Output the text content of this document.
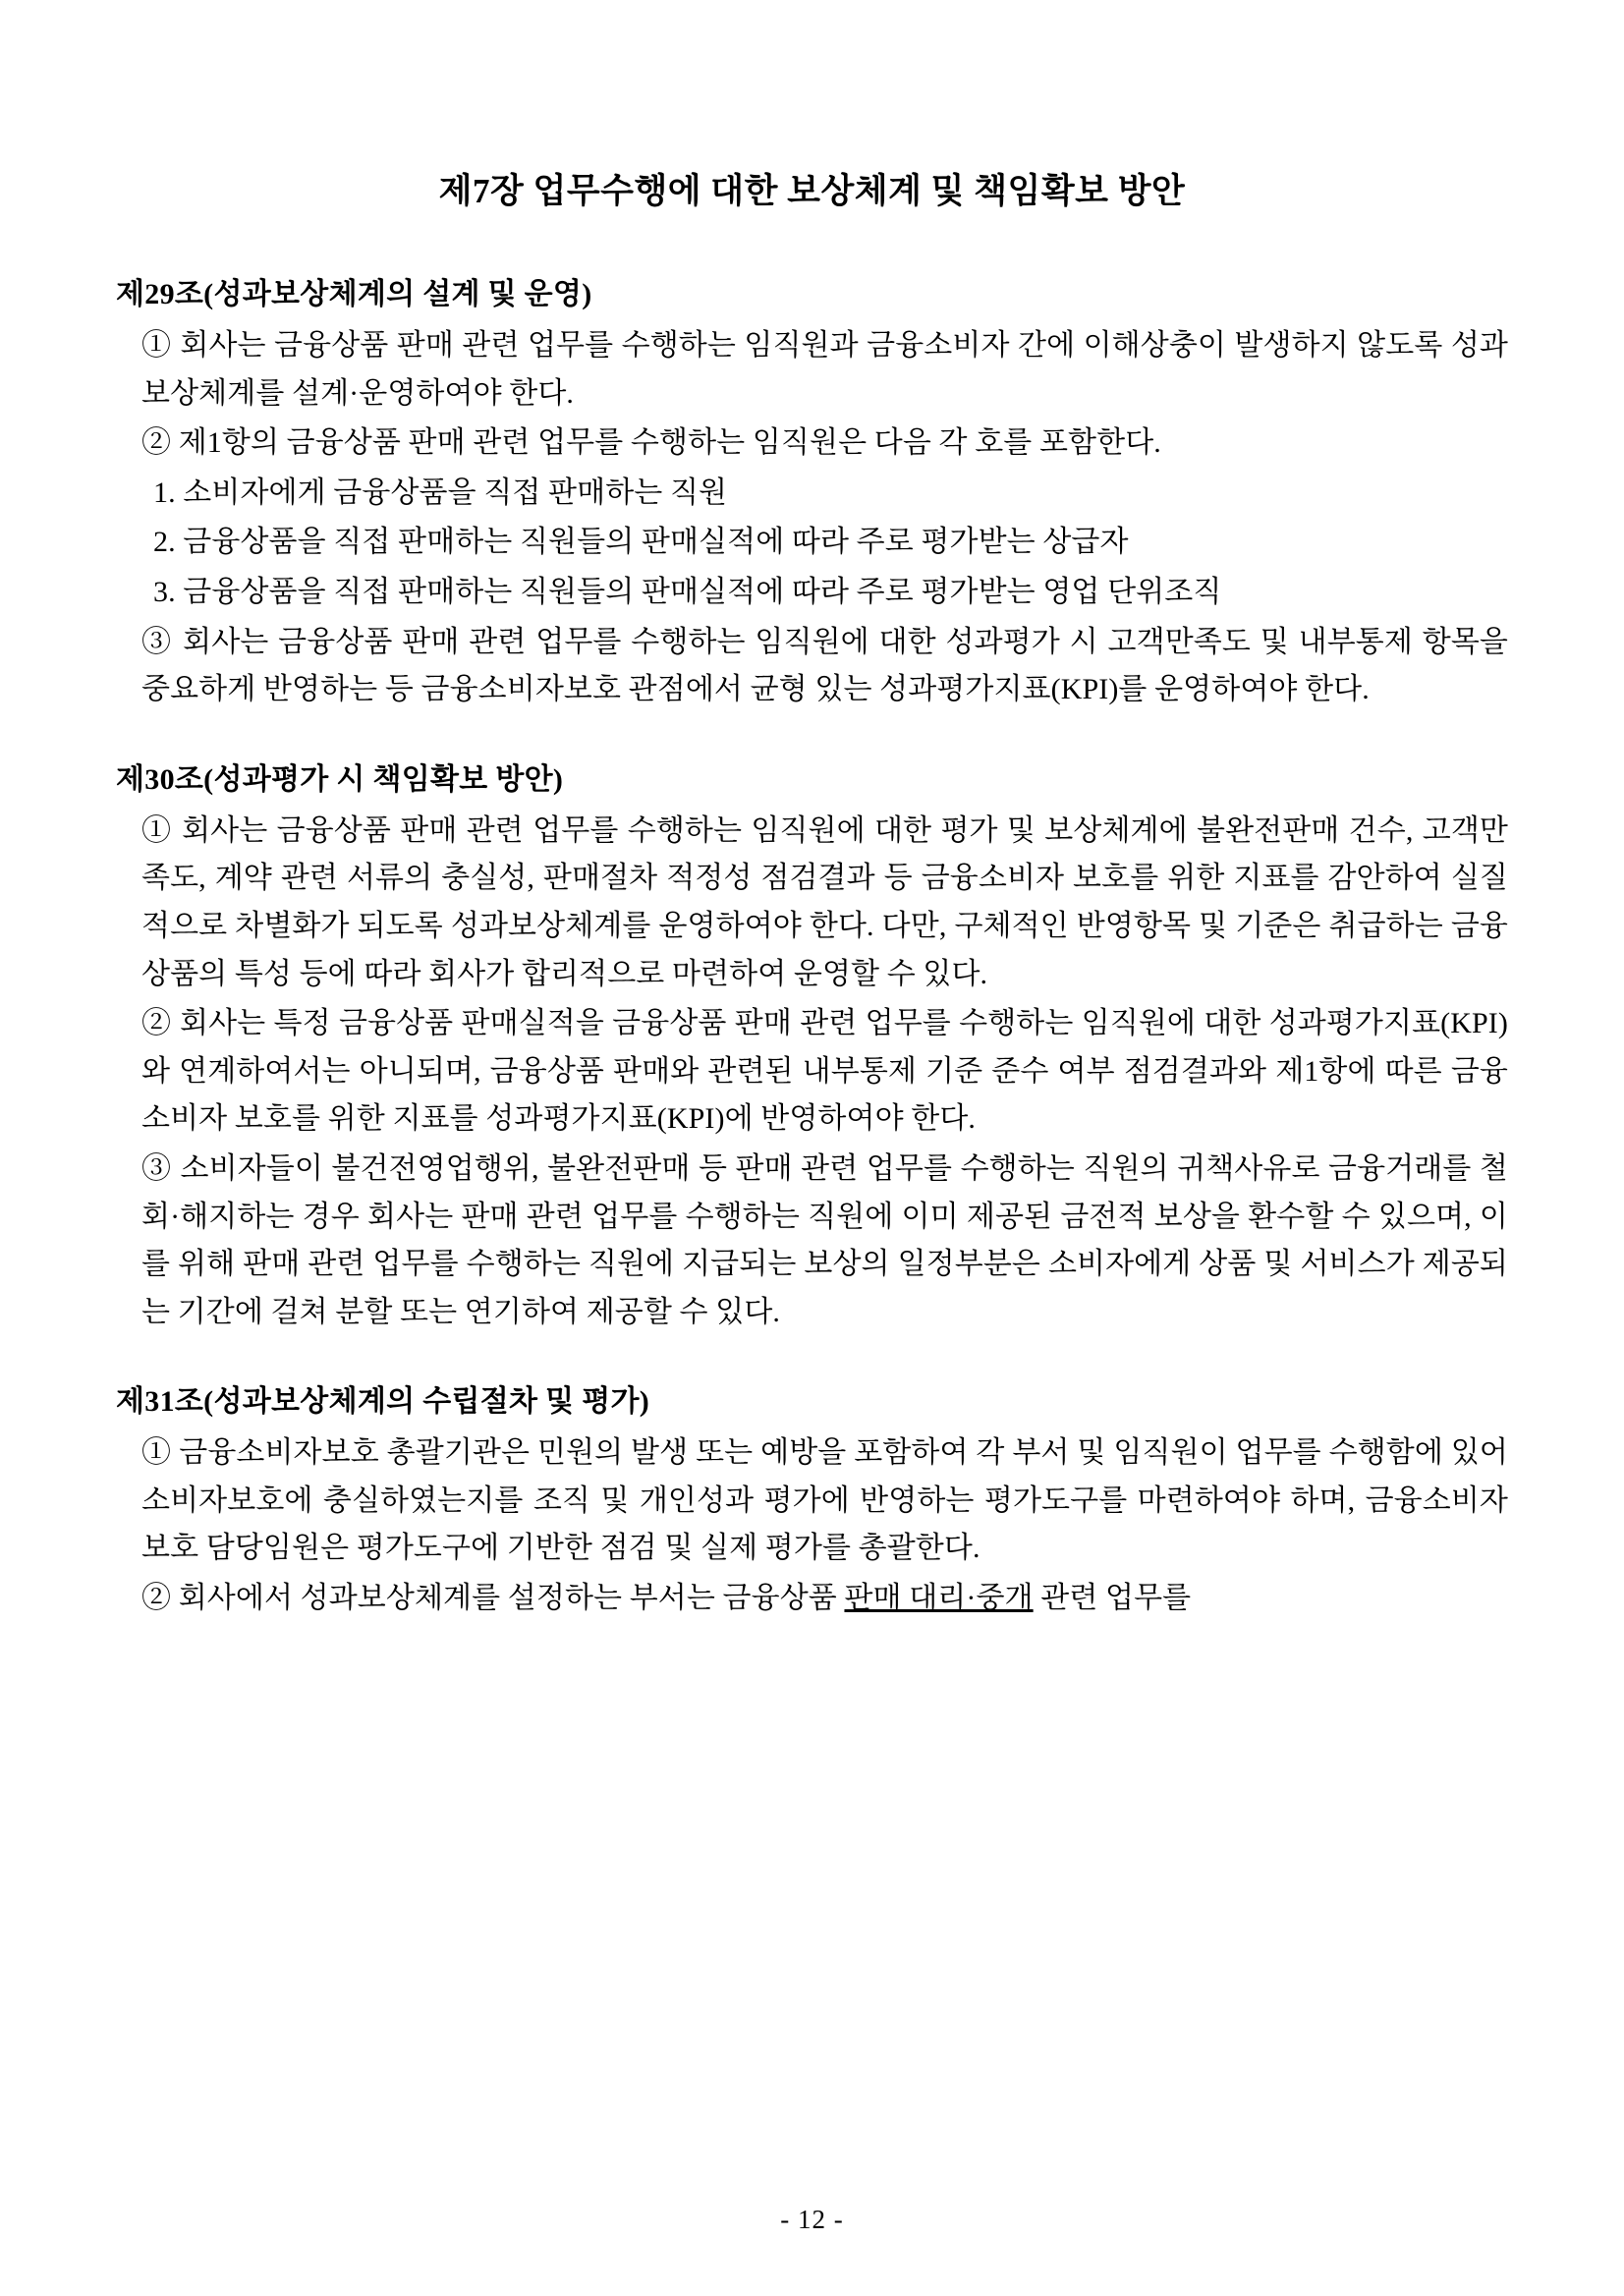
제7장 업무수행에 대한 보상체계 및 책임확보 방안
제29조(성과보상체계의 설계 및 운영)

① 회사는 금융상품 판매 관련 업무를 수행하는 임직원과 금융소비자 간에 이해상충이 발생하지 않도록 성과보상체계를 설계·운영하여야 한다.

② 제1항의 금융상품 판매 관련 업무를 수행하는 임직원은 다음 각 호를 포함한다.

1. 소비자에게 금융상품을 직접 판매하는 직원

2. 금융상품을 직접 판매하는 직원들의 판매실적에 따라 주로 평가받는 상급자

3. 금융상품을 직접 판매하는 직원들의 판매실적에 따라 주로 평가받는 영업 단위조직

③ 회사는 금융상품 판매 관련 업무를 수행하는 임직원에 대한 성과평가 시 고객만족도 및 내부통제 항목을 중요하게 반영하는 등 금융소비자보호 관점에서 균형 있는 성과평가지표(KPI)를 운영하여야 한다.

제30조(성과평가 시 책임확보 방안)

① 회사는 금융상품 판매 관련 업무를 수행하는 임직원에 대한 평가 및 보상체계에 불완전판매 건수, 고객만족도, 계약 관련 서류의 충실성, 판매절차 적정성 점검결과 등 금융소비자 보호를 위한 지표를 감안하여 실질적으로 차별화가 되도록 성과보상체계를 운영하여야 한다. 다만, 구체적인 반영항목 및 기준은 취급하는 금융상품의 특성 등에 따라 회사가 합리적으로 마련하여 운영할 수 있다.

② 회사는 특정 금융상품 판매실적을 금융상품 판매 관련 업무를 수행하는 임직원에 대한 성과평가지표(KPI)와 연계하여서는 아니되며, 금융상품 판매와 관련된 내부통제 기준 준수 여부 점검결과와 제1항에 따른 금융소비자 보호를 위한 지표를 성과평가지표(KPI)에 반영하여야 한다.

③ 소비자들이 불건전영업행위, 불완전판매 등 판매 관련 업무를 수행하는 직원의 귀책사유로 금융거래를 철회·해지하는 경우 회사는 판매 관련 업무를 수행하는 직원에 이미 제공된 금전적 보상을 환수할 수 있으며, 이를 위해 판매 관련 업무를 수행하는 직원에 지급되는 보상의 일정부분은 소비자에게 상품 및 서비스가 제공되는 기간에 걸쳐 분할 또는 연기하여 제공할 수 있다.

제31조(성과보상체계의 수립절차 및 평가)

① 금융소비자보호 총괄기관은 민원의 발생 또는 예방을 포함하여 각 부서 및 임직원이 업무를 수행함에 있어 소비자보호에 충실하였는지를 조직 및 개인성과 평가에 반영하는 평가도구를 마련하여야 하며, 금융소비자보호 담당임원은 평가도구에 기반한 점검 및 실제 평가를 총괄한다.

② 회사에서 성과보상체계를 설정하는 부서는 금융상품 판매 대리·중개 관련 업무를

- 12 -
